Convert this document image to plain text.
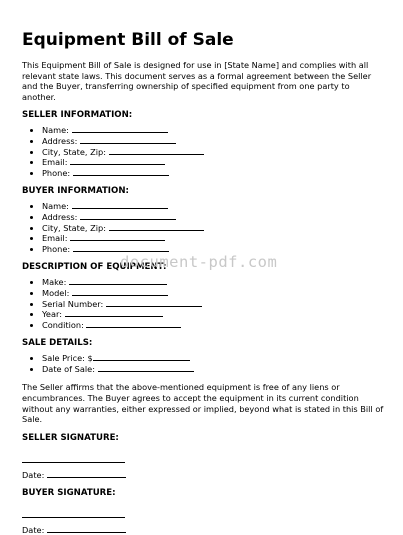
Equipment Bill of Sale

This Equipment Bill of Sale is designed for use in [State Name] and complies with all relevant state laws. This document serves as a formal agreement between the Seller and the Buyer, transferring ownership of specified equipment from one party to another.

SELLER INFORMATION:
• Name:
• Address:
• City, State, Zip:
• Email:
• Phone:
BUYER INFORMATION:
• Name:
• Address:
• City, State, Zip:
• Email:
• Phone:
DESCRIPTION OF EQUIPMENT:
• Make:
• Model:
• Serial Number:
• Year:
• Condition:
SALE DETAILS:
• Sale Price: $
• Date of Sale:

The Seller affirms that the above-mentioned equipment is free of any liens or encumbrances. The Buyer agrees to accept the equipment in its current condition without any warranties, either expressed or implied, beyond what is stated in this Bill of Sale.

SELLER SIGNATURE:
Date:
BUYER SIGNATURE:
Date:
document-pdf.com
